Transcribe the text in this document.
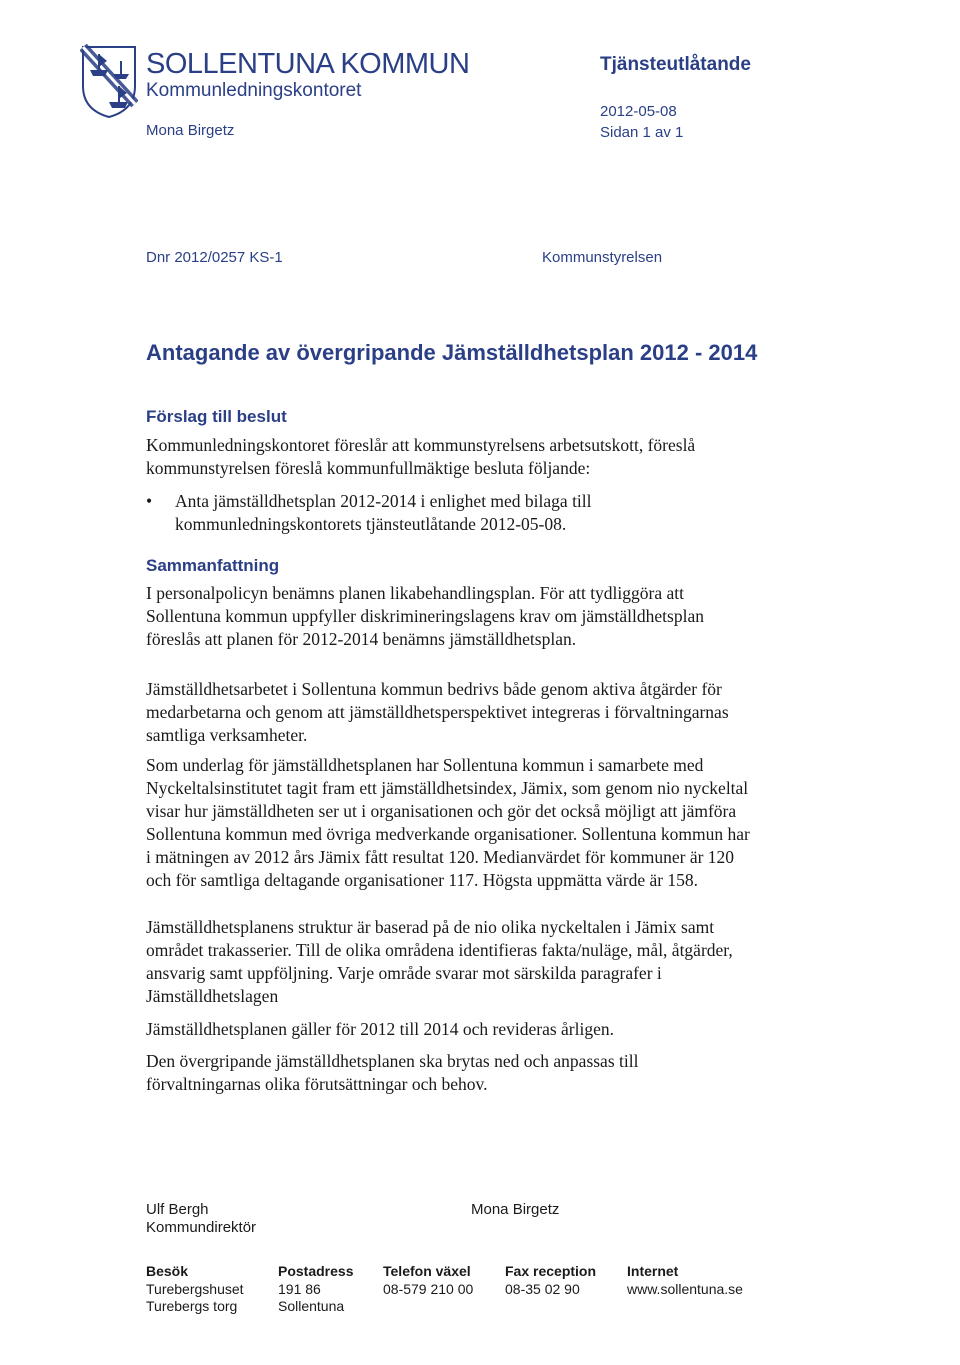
SOLLENTUNA KOMMUN
Kommunledningskontoret
Mona Birgetz
Tjänsteutlåtande
2012-05-08
Sidan 1 av 1
Dnr 2012/0257 KS-1	Kommunstyrelsen
Antagande av övergripande Jämställdhetsplan 2012 - 2014
Förslag till beslut

Kommunledningskontoret föreslår att kommunstyrelsens arbetsutskott, föreslå kommunstyrelsen föreslå kommunfullmäktige besluta följande:

• Anta jämställdhetsplan 2012-2014 i enlighet med bilaga till kommunledningskontorets tjänsteutlåtande 2012-05-08.
Sammanfattning

I personalpolicyn benämns planen likabehandlingsplan. För att tydliggöra att Sollentuna kommun uppfyller diskrimineringslagens krav om jämställdhetsplan föreslås att planen för 2012-2014 benämns jämställdhetsplan.

Jämställdhetsarbetet i Sollentuna kommun bedrivs både genom aktiva åtgärder för medarbetarna och genom att jämställdhetsperspektivet integreras i förvaltningarnas samtliga verksamheter.

Som underlag för jämställdhetsplanen har Sollentuna kommun i samarbete med Nyckeltalsinstitutet tagit fram ett jämställdhetsindex, Jämix, som genom nio nyckeltal visar hur jämställdheten ser ut i organisationen och gör det också möjligt att jämföra Sollentuna kommun med övriga medverkande organisationer. Sollentuna kommun har i mätningen av 2012 års Jämix fått resultat 120. Medianvärdet för kommuner är 120 och för samtliga deltagande organisationer 117. Högsta uppmätta värde är 158.

Jämställdhetsplanens struktur är baserad på de nio olika nyckeltalen i Jämix samt området trakasserier. Till de olika områdena identifieras fakta/nuläge, mål, åtgärder, ansvarig samt uppföljning. Varje område svarar mot särskilda paragrafer i Jämställdhetslagen

Jämställdhetsplanen gäller för 2012 till 2014 och revideras årligen.

Den övergripande jämställdhetsplanen ska brytas ned och anpassas till förvaltningarnas olika förutsättningar och behov.

Ulf Bergh
Kommundirektör
Mona Birgetz
Besök
Turebergshuset
Turebergs torg
Postadress
191 86
Sollentuna
Telefon växel
08-579 210 00
Fax reception
08-35 02 90
Internet
www.sollentuna.se
